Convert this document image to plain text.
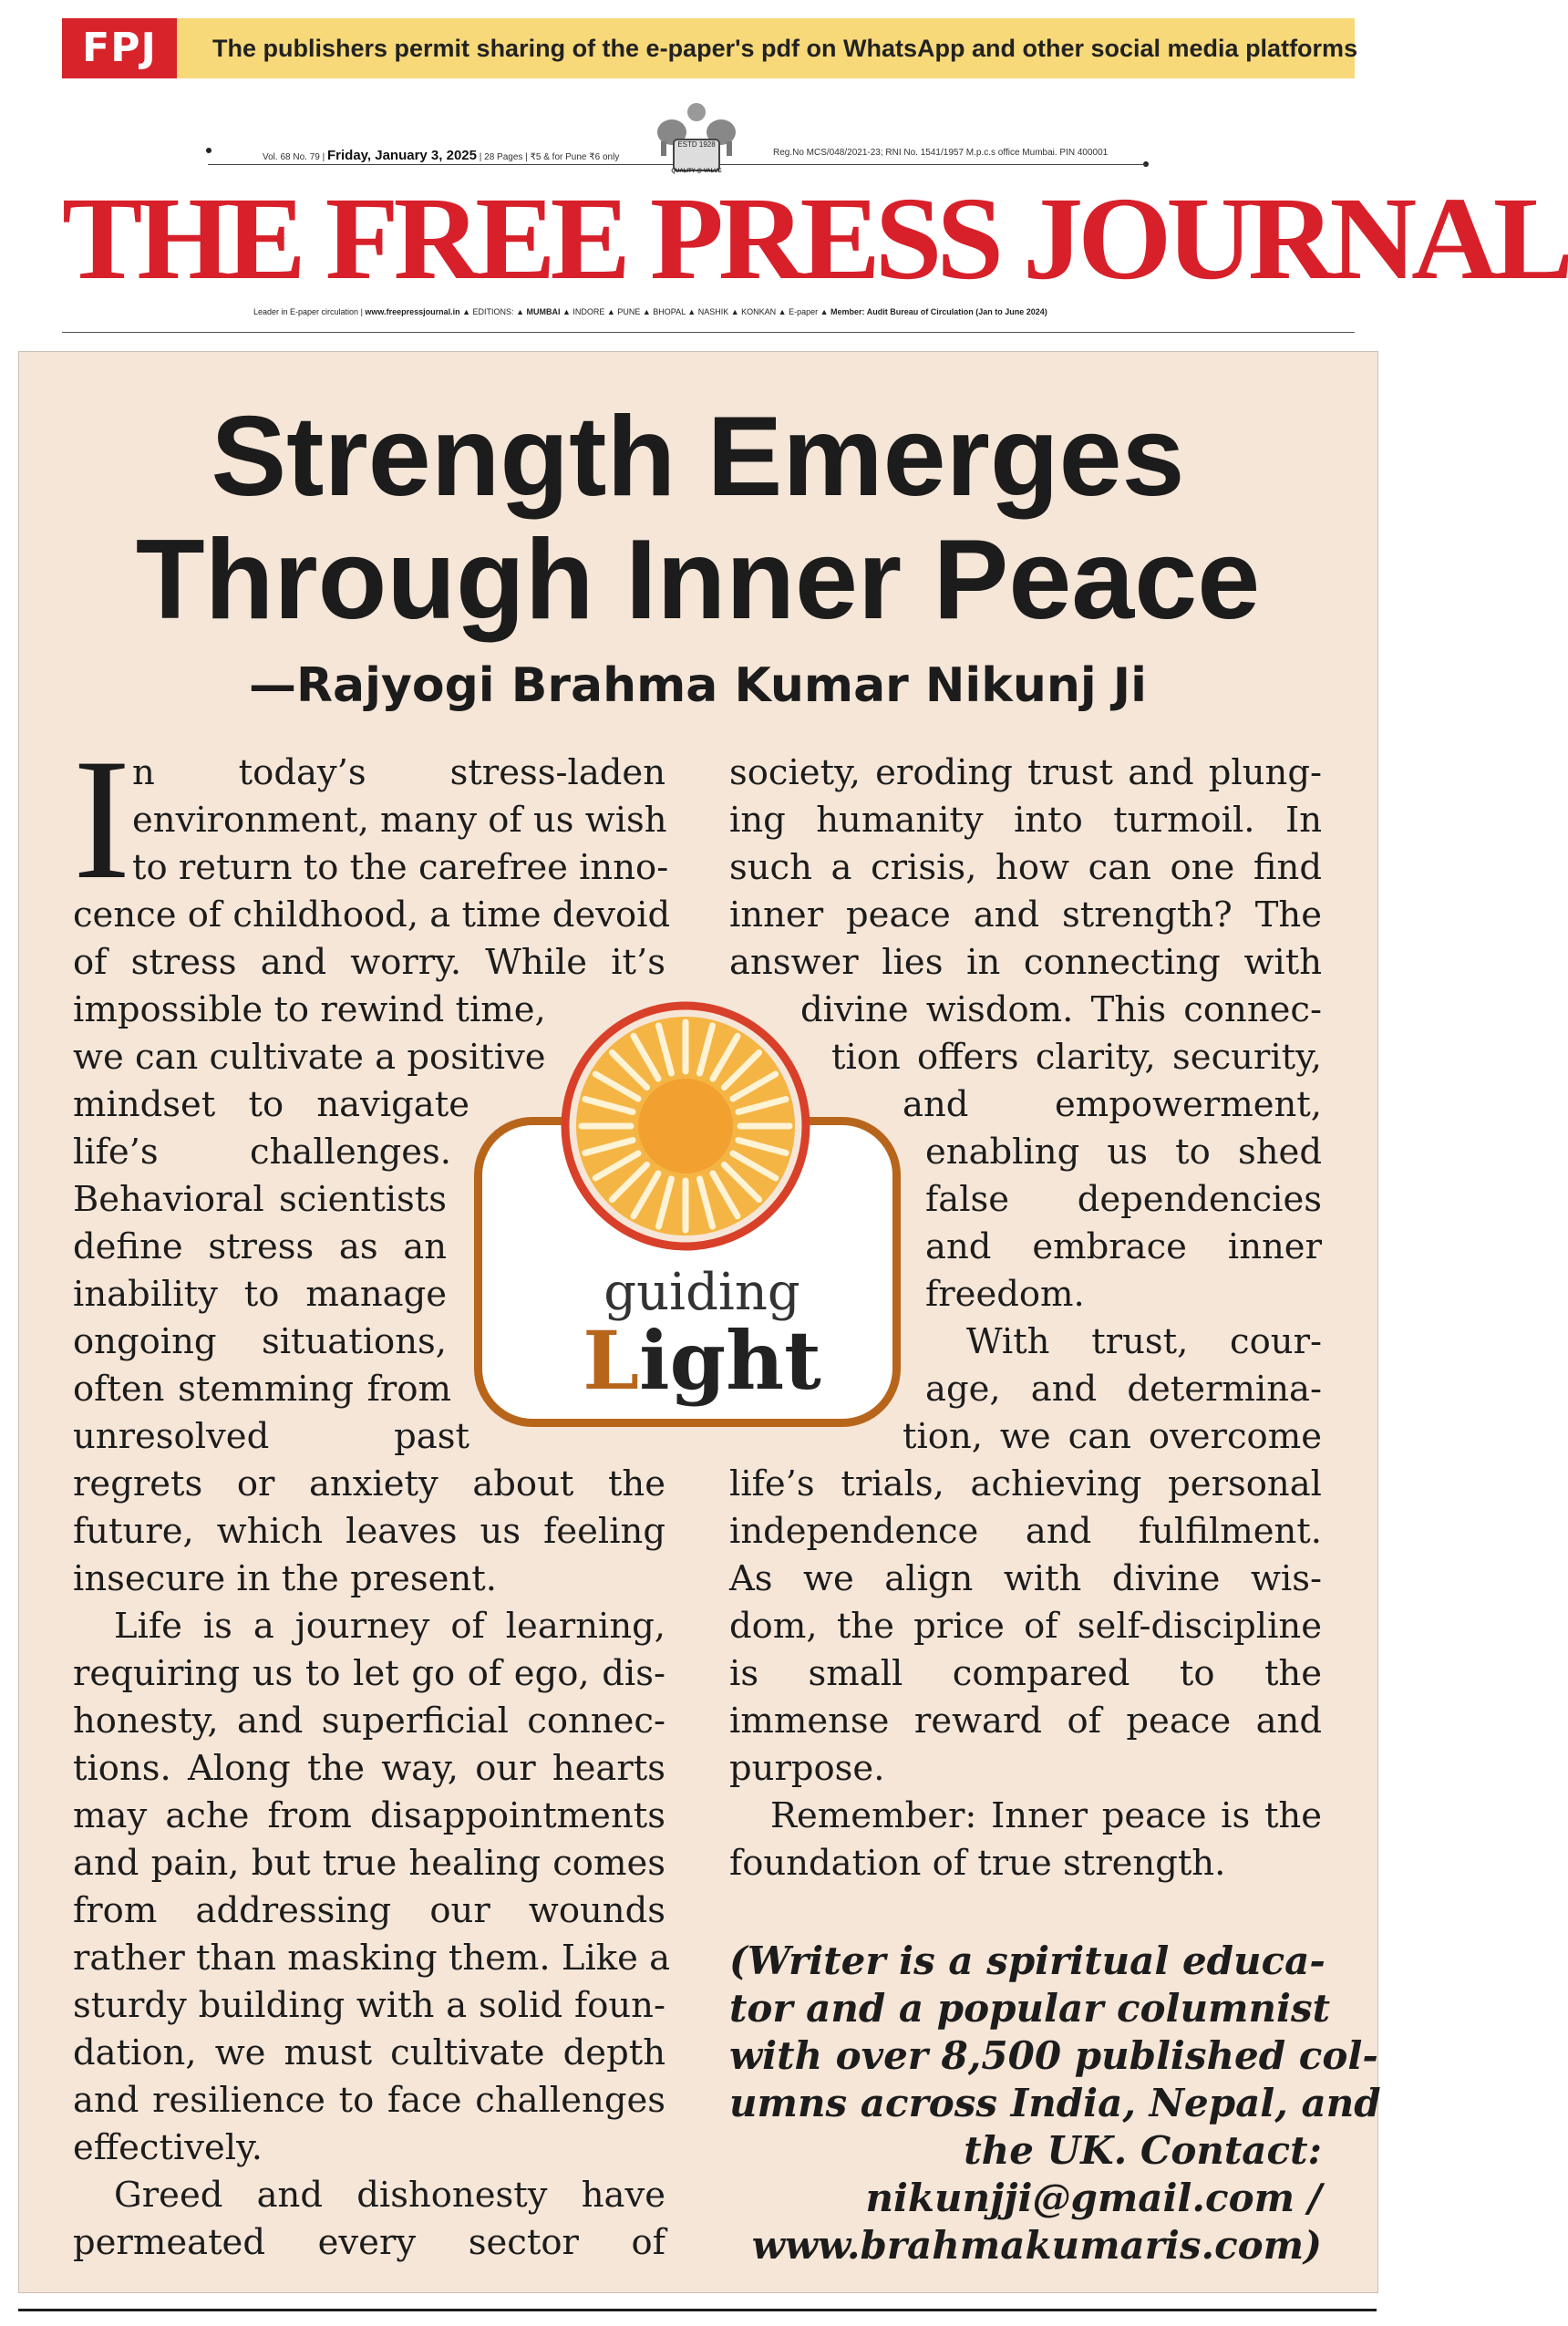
FPJ	The publishers permit sharing of the e-paper's pdf on WhatsApp and other social media platforms
Vol. 68 No. 79 | Friday, January 3, 2025 | 28 Pages | ₹5 & for Pune ₹6 only	Reg.No MCS/048/2021-23; RNI No. 1541/1957 M.p.c.s office Mumbai. PIN 400001
ESTD 1928
QUALITY @ VALUE
THE FREE PRESS JOURNAL
Leader in E-paper circulation | www.freepressjournal.in ▲ EDITIONS: ▲ MUMBAI ▲ INDORE ▲ PUNE ▲ BHOPAL ▲ NASHIK ▲ KONKAN ▲ E-paper ▲ Member: Audit Bureau of Circulation (Jan to June 2024)
Strength Emerges
Through Inner Peace
—Rajyogi Brahma Kumar Nikunj Ji
I n today’s stress-laden
environment, many of us wish
to return to the carefree inno-
cence of childhood, a time devoid
of stress and worry. While it’s
impossible to rewind time,
we can cultivate a positive
mindset to navigate
life’s challenges.
Behavioral scientists
define stress as an
inability to manage
ongoing situations,
often stemming from
unresolved past
regrets or anxiety about the
future, which leaves us feeling
insecure in the present.
Life is a journey of learning,
requiring us to let go of ego, dis-
honesty, and superficial connec-
tions. Along the way, our hearts
may ache from disappointments
and pain, but true healing comes
from addressing our wounds
rather than masking them. Like a
sturdy building with a solid foun-
dation, we must cultivate depth
and resilience to face challenges
effectively.
Greed and dishonesty have
permeated every sector of
society, eroding trust and plung-
ing humanity into turmoil. In
such a crisis, how can one find
inner peace and strength? The
answer lies in connecting with
divine wisdom. This connec-
tion offers clarity, security,
and empowerment,
enabling us to shed
false dependencies
and embrace inner
freedom.
With trust, cour-
age, and determina-
tion, we can overcome
life’s trials, achieving personal
independence and fulfilment.
As we align with divine wis-
dom, the price of self-discipline
is small compared to the
immense reward of peace and
purpose.
Remember: Inner peace is the
foundation of true strength.
(Writer is a spiritual educa-
tor and a popular columnist
with over 8,500 published col-
umns across India, Nepal, and
the UK. Contact:
nikunjji@gmail.com /
www.brahmakumaris.com)
guiding
Light
